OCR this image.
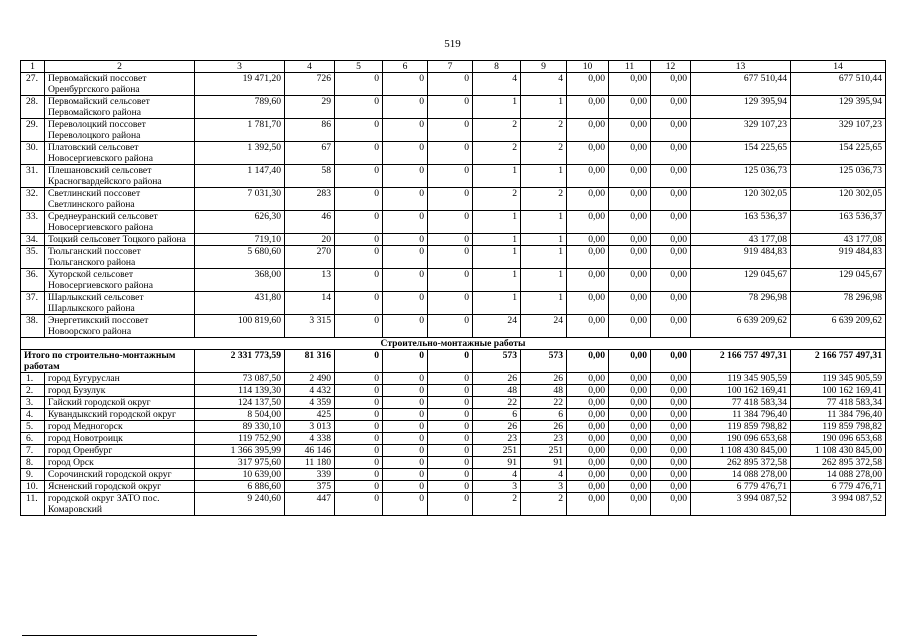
519
1	2	3	4	5	6	7	8	9	10	11	12	13	14
27.	Первомайский поссовет Оренбургского района	19 471,20	726	0	0	0	4	4	0,00	0,00	0,00	677 510,44	677 510,44
28.	Первомайский сельсовет Первомайского района	789,60	29	0	0	0	1	1	0,00	0,00	0,00	129 395,94	129 395,94
29.	Переволоцкий поссовет Переволоцкого района	1 781,70	86	0	0	0	2	2	0,00	0,00	0,00	329 107,23	329 107,23
30.	Платовский сельсовет Новосергиевского района	1 392,50	67	0	0	0	2	2	0,00	0,00	0,00	154 225,65	154 225,65
31.	Плешановский сельсовет Красногвардейского района	1 147,40	58	0	0	0	1	1	0,00	0,00	0,00	125 036,73	125 036,73
32.	Светлинский поссовет Светлинского района	7 031,30	283	0	0	0	2	2	0,00	0,00	0,00	120 302,05	120 302,05
33.	Среднеуранский сельсовет Новосергиевского района	626,30	46	0	0	0	1	1	0,00	0,00	0,00	163 536,37	163 536,37
34.	Тоцкий сельсовет Тоцкого района	719,10	20	0	0	0	1	1	0,00	0,00	0,00	43 177,08	43 177,08
35.	Тюльганский поссовет Тюльганского района	5 680,60	270	0	0	0	1	1	0,00	0,00	0,00	919 484,83	919 484,83
36.	Хуторской сельсовет Новосергиевского района	368,00	13	0	0	0	1	1	0,00	0,00	0,00	129 045,67	129 045,67
37.	Шарлыкский сельсовет Шарлыкского района	431,80	14	0	0	0	1	1	0,00	0,00	0,00	78 296,98	78 296,98
38.	Энергетикский поссовет Новоорского района	100 819,60	3 315	0	0	0	24	24	0,00	0,00	0,00	6 639 209,62	6 639 209,62
Строительно-монтажные работы													
Итого по строительно-монтажным работам		2 331 773,59	81 316	0	0	0	573	573	0,00	0,00	0,00	2 166 757 497,31	2 166 757 497,31
1.	город Бугуруслан	73 087,50	2 490	0	0	0	26	26	0,00	0,00	0,00	119 345 905,59	119 345 905,59
2.	город Бузулук	114 139,30	4 432	0	0	0	48	48	0,00	0,00	0,00	100 162 169,41	100 162 169,41
3.	Гайский городской округ	124 137,50	4 359	0	0	0	22	22	0,00	0,00	0,00	77 418 583,34	77 418 583,34
4.	Кувандыкский городской округ	8 504,00	425	0	0	0	6	6	0,00	0,00	0,00	11 384 796,40	11 384 796,40
5.	город Медногорск	89 330,10	3 013	0	0	0	26	26	0,00	0,00	0,00	119 859 798,82	119 859 798,82
6.	город Новотроицк	119 752,90	4 338	0	0	0	23	23	0,00	0,00	0,00	190 096 653,68	190 096 653,68
7.	город Оренбург	1 366 395,99	46 146	0	0	0	251	251	0,00	0,00	0,00	1 108 430 845,00	1 108 430 845,00
8.	город Орск	317 975,60	11 180	0	0	0	91	91	0,00	0,00	0,00	262 895 372,58	262 895 372,58
9.	Сорочинский городской округ	10 639,00	339	0	0	0	4	4	0,00	0,00	0,00	14 088 278,00	14 088 278,00
10.	Ясненский городской округ	6 886,60	375	0	0	0	3	3	0,00	0,00	0,00	6 779 476,71	6 779 476,71
11.	городской округ ЗАТО пос. Комаровский	9 240,60	447	0	0	0	2	2	0,00	0,00	0,00	3 994 087,52	3 994 087,52
